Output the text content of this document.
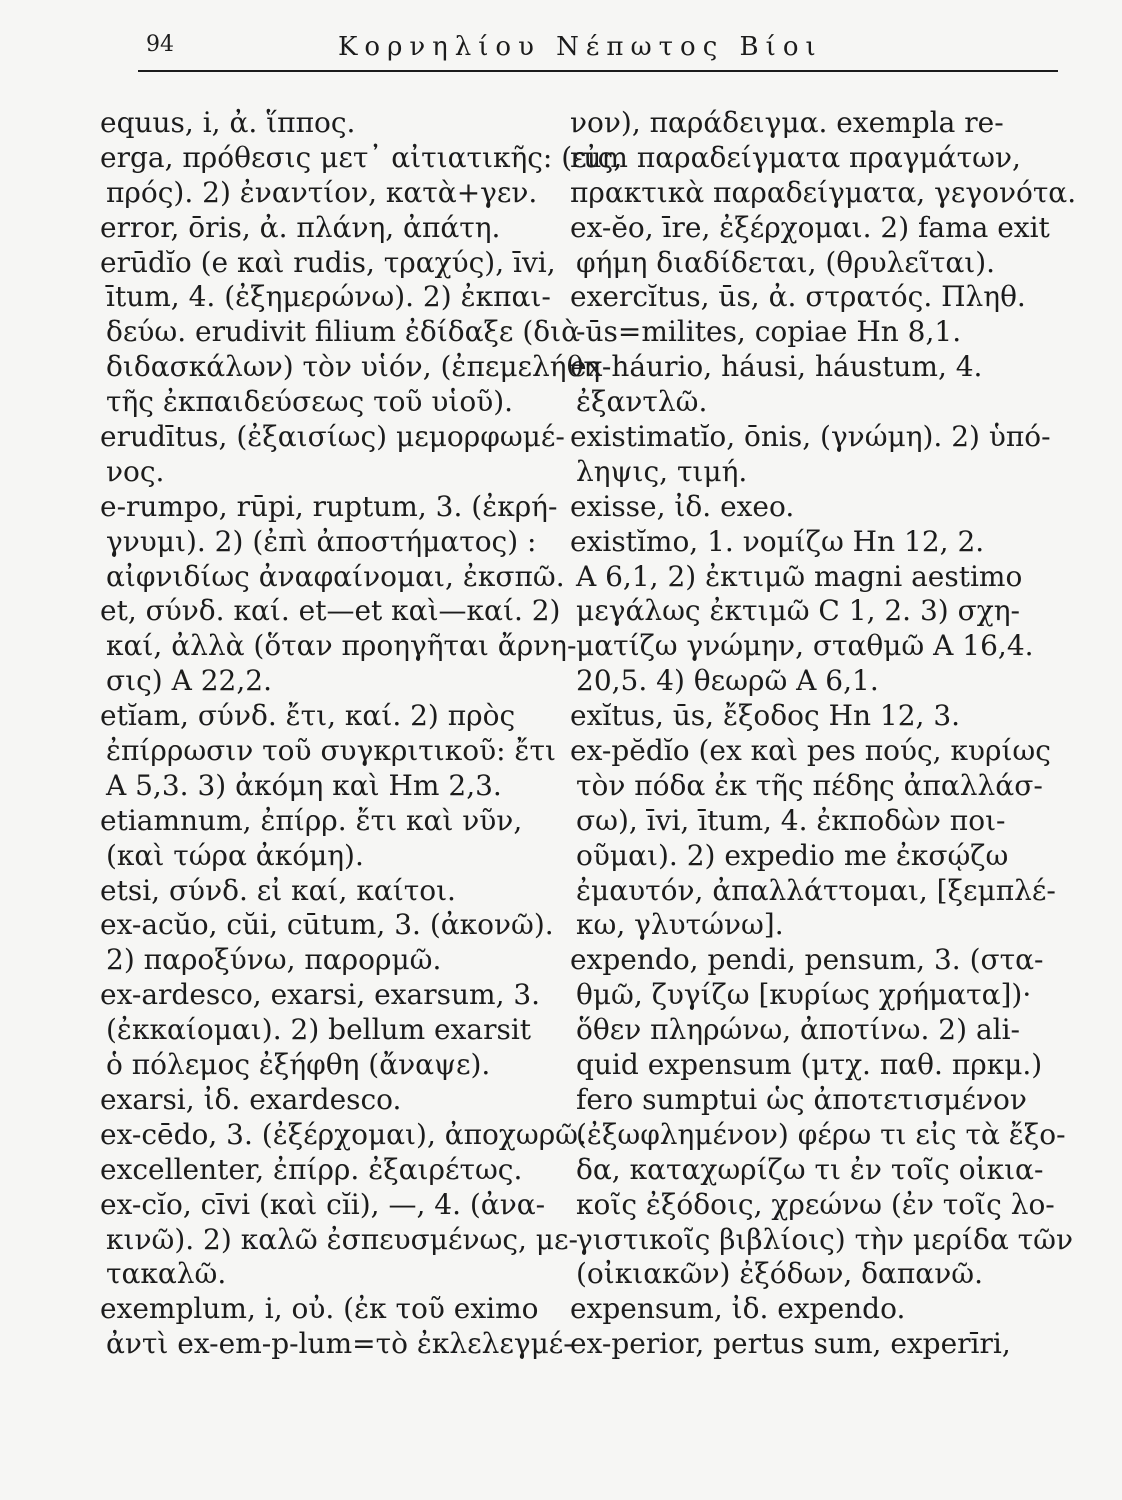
94	Κορνηλίου Νέπωτος Βίοι
equus, i, ἀ. ἵππος.
erga, πρόθεσις μετ᾽ αἰτιατικῆς: (εἰς,
πρός). 2) ἐναντίον, κατὰ+γεν.
error, ōris, ἀ. πλάνη, ἀπάτη.
erūdĭo (e καὶ rudis, τραχύς), īvi,
ītum, 4. (ἐξημερώνω). 2) ἐκπαι-
δεύω. erudivit filium ἐδίδαξε (διὰ
διδασκάλων) τὸν υἱόν, (ἐπεμελήθη
τῆς ἐκπαιδεύσεως τοῦ υἱοῦ).
erudītus, (ἐξαισίως) μεμορφωμέ-
νος.
e-rumpo, rūpi, ruptum, 3. (ἐκρή-
γνυμι). 2) (ἐπὶ ἀποστήματος) :
αἰφνιδίως ἀναφαίνομαι, ἐκσπῶ.
et, σύνδ. καί. et—et καὶ—καί. 2)
καί, ἀλλὰ (ὅταν προηγῆται ἄρνη-
σις) A 22,2.
etĭam, σύνδ. ἔτι, καί. 2) πρὸς
ἐπίρρωσιν τοῦ συγκριτικοῦ: ἔτι
A 5,3. 3) ἀκόμη καὶ Hm 2,3.
etiamnum, ἐπίρρ. ἔτι καὶ νῦν,
(καὶ τώρα ἀκόμη).
etsi, σύνδ. εἰ καί, καίτοι.
ex-acŭo, cŭi, cūtum, 3. (ἀκονῶ).
2) παροξύνω, παρορμῶ.
ex-ardesco, exarsi, exarsum, 3.
(ἐκκαίομαι). 2) bellum exarsit
ὁ πόλεμος ἐξήφθη (ἄναψε).
exarsi, ἰδ. exardesco.
ex-cēdo, 3. (ἐξέρχομαι), ἀποχωρῶ.
excellenter, ἐπίρρ. ἐξαιρέτως.
ex-cĭo, cīvi (καὶ cĭi), —, 4. (ἀνα-
κινῶ). 2) καλῶ ἐσπευσμένως, με-
τακαλῶ.
exemplum, i, οὐ. (ἐκ τοῦ eximo
ἀντὶ ex-em-p-lum=τὸ ἐκλελεγμέ-
νον), παράδειγμα. exempla re-
rum παραδείγματα πραγμάτων,
πρακτικὰ παραδείγματα, γεγονότα.
ex-ĕo, īre, ἐξέρχομαι. 2) fama exit
φήμη διαδίδεται, (θρυλεῖται).
exercĭtus, ūs, ἀ. στρατός. Πληθ.
-ūs=milites, copiae Hn 8,1.
ex-háurio, háusi, háustum, 4.
ἐξαντλῶ.
existimatĭo, ōnis, (γνώμη). 2) ὑπό-
ληψις, τιμή.
exisse, ἰδ. exeo.
existĭmo, 1. νομίζω Hn 12, 2.
A 6,1, 2) ἐκτιμῶ magni aestimo
μεγάλως ἐκτιμῶ C 1, 2. 3) σχη-
ματίζω γνώμην, σταθμῶ A 16,4.
20,5. 4) θεωρῶ A 6,1.
exĭtus, ūs, ἔξοδος Hn 12, 3.
ex-pĕdĭo (ex καὶ pes πούς, κυρίως
τὸν πόδα ἐκ τῆς πέδης ἀπαλλάσ-
σω), īvi, ītum, 4. ἐκποδὼν ποι-
οῦμαι). 2) expedio me ἐκσῴζω
ἐμαυτόν, ἀπαλλάττομαι, [ξεμπλέ-
κω, γλυτώνω].
expendo, pendi, pensum, 3. (στα-
θμῶ, ζυγίζω [κυρίως χρήματα])·
ὅθεν πληρώνω, ἀποτίνω. 2) ali-
quid expensum (μτχ. παθ. πρκμ.)
fero sumptui ὡς ἀποτετισμένον
(ἐξωφλημένον) φέρω τι εἰς τὰ ἔξο-
δα, καταχωρίζω τι ἐν τοῖς οἰκια-
κοῖς ἐξόδοις, χρεώνω (ἐν τοῖς λο-
γιστικοῖς βιβλίοις) τὴν μερίδα τῶν
(οἰκιακῶν) ἐξόδων, δαπανῶ.
expensum, ἰδ. expendo.
ex-perior, pertus sum, experīri,
